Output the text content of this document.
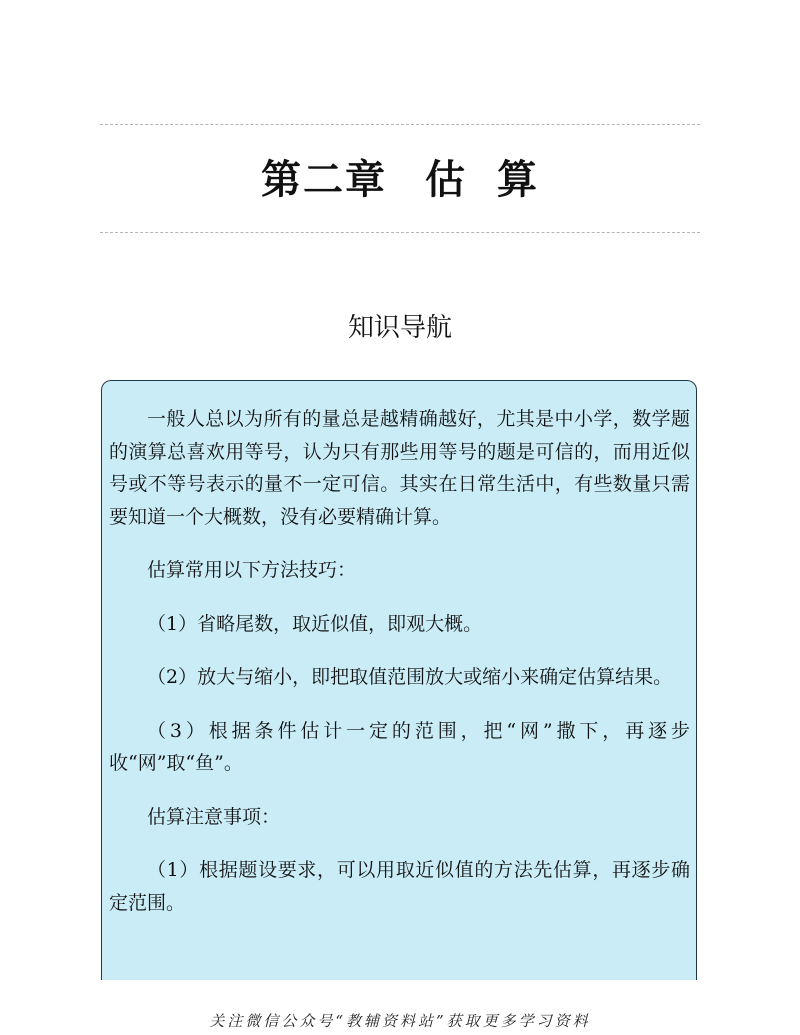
第二章 估 算
知识导航

一般人总以为所有的量总是越精确越好，尤其是中小学，数学题的演算总喜欢用等号，认为只有那些用等号的题是可信的，而用近似号或不等号表示的量不一定可信。其实在日常生活中，有些数量只需要知道一个大概数，没有必要精确计算。

估算常用以下方法技巧：

（1）省略尾数，取近似值，即观大概。

（2）放大与缩小，即把取值范围放大或缩小来确定估算结果。

（3）根据条件估计一定的范围，把“网”撒下，再逐步收“网”取“鱼”。

估算注意事项：

（1）根据题设要求，可以用取近似值的方法先估算，再逐步确定范围。

关注微信公众号“教辅资料站”获取更多学习资料
